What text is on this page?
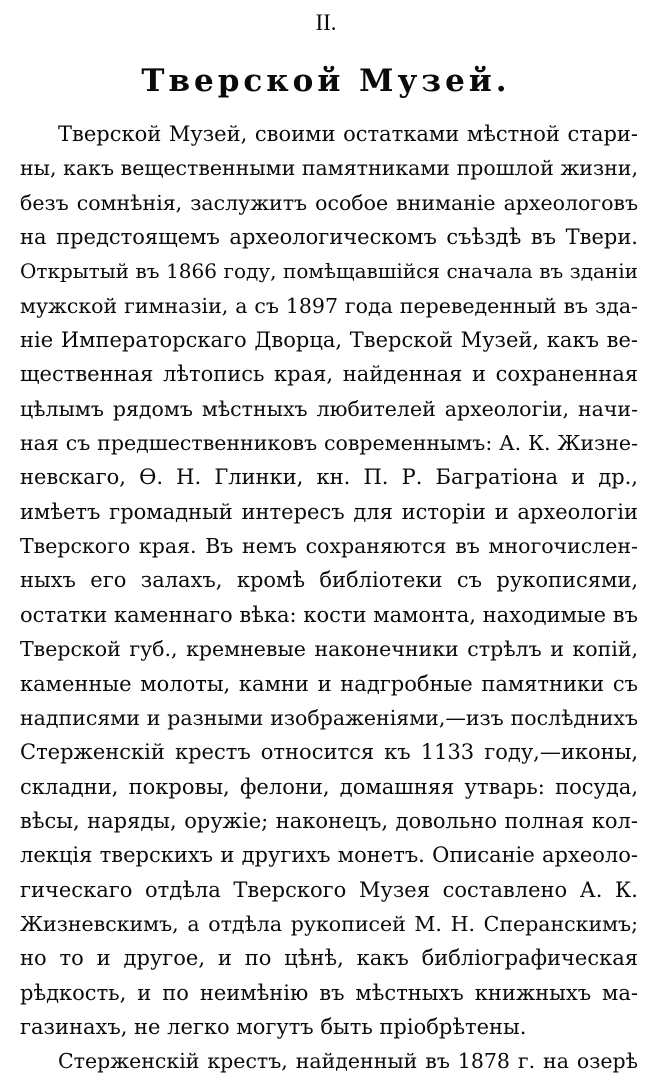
II.
Тверской Музей.
Тверской Музей, своими остатками мѣстной стари-
ны, какъ вещественными памятниками прошлой жизни,
безъ сомнѣнія, заслужитъ особое вниманіе археологовъ
на предстоящемъ археологическомъ съѣздѣ въ Твери.
Открытый въ 1866 году, помѣщавшійся сначала въ зданіи
мужской гимназіи, а съ 1897 года переведенный въ зда-
ніе Императорскаго Дворца, Тверской Музей, какъ ве-
щественная лѣтопись края, найденная и сохраненная
цѣлымъ рядомъ мѣстныхъ любителей археологіи, начи-
ная съ предшественниковъ современнымъ: А. К. Жизне-
невскаго, Ѳ. Н. Глинки, кн. П. Р. Багратіона и др.,
имѣетъ громадный интересъ для исторіи и археологіи
Тверского края. Въ немъ сохраняются въ многочислен-
ныхъ его залахъ, кромѣ библіотеки съ рукописями,
остатки каменнаго вѣка: кости мамонта, находимые въ
Тверской губ., кремневые наконечники стрѣлъ и копій,
каменные молоты, камни и надгробные памятники съ
надписями и разными изображеніями,—изъ послѣднихъ
Стерженскій крестъ относится къ 1133 году,—иконы,
складни, покровы, фелони, домашняя утварь: посуда,
вѣсы, наряды, оружіе; наконецъ, довольно полная кол-
лекція тверскихъ и другихъ монетъ. Описаніе археоло-
гическаго отдѣла Тверского Музея составлено А. К.
Жизневскимъ, а отдѣла рукописей М. Н. Сперанскимъ;
но то и другое, и по цѣнѣ, какъ библіографическая
рѣдкость, и по неимѣнію въ мѣстныхъ книжныхъ ма-
газинахъ, не легко могутъ быть пріобрѣтены.
Стерженскій крестъ, найденный въ 1878 г. на озерѣ
